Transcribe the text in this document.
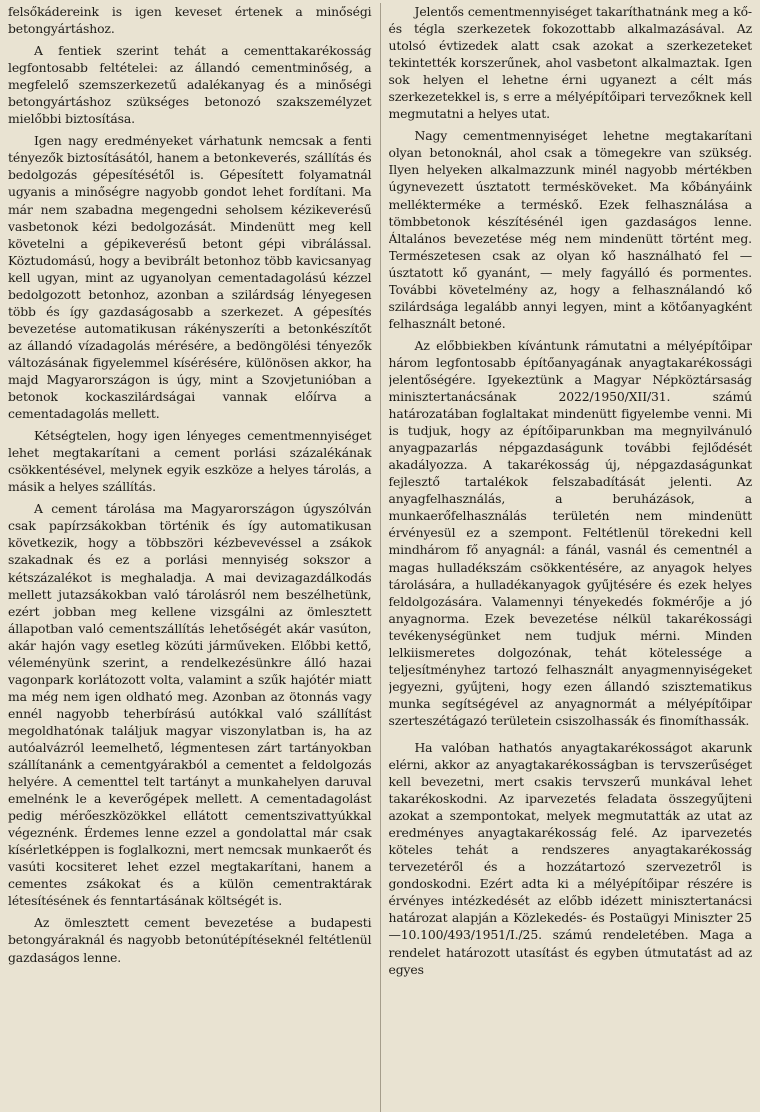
felsőkádereink is igen keveset értenek a minőségi betongyártáshoz.

A fentiek szerint tehát a cementtakarékosság legfontosabb feltételei: az állandó cementminőség, a megfelelő szemszerkezetű adalékanyag és a minőségi betongyártáshoz szükséges betonozó szakszemélyzet mielőbbi biztosítása.

Igen nagy eredményeket várhatunk nemcsak a fenti tényezők biztosításától, hanem a betonkeverés, szállítás és bedolgozás gépesítésétől is. Gépesített folyamatnál ugyanis a minőségre nagyobb gondot lehet fordítani. Ma már nem szabadna megengedni seholsem kézikeverésű vasbetonok kézi bedolgozását. Mindenütt meg kell követelni a gépikeverésű betont gépi vibrálással. Köztudomású, hogy a bevibrált betonhoz több kavicsanyag kell ugyan, mint az ugyanolyan cementadagolású kézzel bedolgozott betonhoz, azonban a szilárdság lényegesen több és így gazdaságosabb a szerkezet. A gépesítés bevezetése automatikusan rákényszeríti a betonkészítőt az állandó vízadagolás mérésére, a bedöngölési tényezők változásának figyelemmel kísérésére, különösen akkor, ha majd Magyarországon is úgy, mint a Szovjetunióban a betonok kockaszilárdságai vannak előírva a cementadagolás mellett.

Kétségtelen, hogy igen lényeges cementmennyiséget lehet megtakarítani a cement porlási százalékának csökkentésével, melynek egyik eszköze a helyes tárolás, a másik a helyes szállítás.

A cement tárolása ma Magyarországon úgyszólván csak papírzsákokban történik és így automatikusan következik, hogy a többszöri kézbevevéssel a zsákok szakadnak és ez a porlási mennyiség sokszor a kétszázalékot is meghaladja. A mai devizagazdálkodás mellett jutazsákokban való tárolásról nem beszélhetünk, ezért jobban meg kellene vizsgálni az ömlesztett állapotban való cementszállítás lehetőségét akár vasúton, akár hajón vagy esetleg közúti járműveken. Előbbi kettő, véleményünk szerint, a rendelkezésünkre álló hazai vagonpark korlátozott volta, valamint a szűk hajótér miatt ma még nem igen oldható meg. Azonban az ötonnás vagy ennél nagyobb teherbírású autókkal való szállítást megoldhatónak találjuk magyar viszonylatban is, ha az autóalvázról leemelhető, légmentesen zárt tartányokban szállítanánk a cementgyárakból a cementet a feldolgozás helyére. A cementtel telt tartányt a munkahelyen daruval emelnénk le a keverőgépek mellett. A cementadagolást pedig mérőeszközökkel ellátott cementszivattyúkkal végeznénk. Érdemes lenne ezzel a gondolattal már csak kísérletképpen is foglalkozni, mert nemcsak munkaerőt és vasúti kocsiteret lehet ezzel megtakarítani, hanem a cementes zsákokat és a külön cementraktárak létesítésének és fenntartásának költségét is.

Az ömlesztett cement bevezetése a budapesti betongyáraknál és nagyobb betonútépítéseknél feltétlenül gazdaságos lenne.

Jelentős cementmennyiséget takaríthatnánk meg a kő- és tégla szerkezetek fokozottabb alkalmazásával. Az utolsó évtizedek alatt csak azokat a szerkezeteket tekintették korszerűnek, ahol vasbetont alkalmaztak. Igen sok helyen el lehetne érni ugyanezt a célt más szerkezetekkel is, s erre a mélyépítőipari tervezőknek kell megmutatni a helyes utat.

Nagy cementmennyiséget lehetne megtakarítani olyan betonoknál, ahol csak a tömegekre van szükség. Ilyen helyeken alkalmazzunk minél nagyobb mértékben úgynevezett úsztatott termésköveket. Ma kőbányáink melléktermékе a terméskő. Ezek felhasználása a tömbbetonok készítésénél igen gazdaságos lenne. Általános bevezetése még nem mindenütt történt meg. Természetesen csak az olyan kő használható fel — úsztatott kő gyanánt, — mely fagyálló és pormentes. További követelmény az, hogy a felhasználandó kő szilárdsága legalább annyi legyen, mint a kötőanyagként felhasznált betoné.

Az előbbiekben kívántunk rámutatni a mélyépítőipar három legfontosabb építőanyagának anyagtakarékossági jelentőségére. Igyekeztünk a Magyar Népköztársaság minisztertanácsának 2022/1950/XII/31. számú határozatában foglaltakat mindenütt figyelembe venni. Mi is tudjuk, hogy az építőiparunkban ma megnyilvánuló anyagpazarlás népgazdaságunk további fejlődését akadályozza. A takarékosság új, népgazdaságunkat fejlesztő tartalékok felszabadítását jelenti. Az anyagfelhasználás, a beruházások, a munkaerőfelhasználás területén nem mindenütt érvényesül ez a szempont. Feltétlenül törekedni kell mindhárom fő anyagnál: a fánál, vasnál és cementnél a magas hulladékszám csökkentésére, az anyagok helyes tárolására, a hulladékanyagok gyűjtésére és ezek helyes feldolgozására. Valamennyi tényekedés fokmérője a jó anyagnorma. Ezek bevezetése nélkül takarékossági tevékenységünket nem tudjuk mérni. Minden lelkiismeretes dolgozónak, tehát kötelessége a teljesítményhez tartozó felhasznált anyagmennyiségeket jegyezni, gyűjteni, hogy ezen állandó szisztematikus munka segítségével az anyagnormát a mélyépítőipar szerteszétágazó területein csiszolhassák és finomíthassák.

Ha valóban hathatós anyagtakarékosságot akarunk elérni, akkor az anyagtakarékosságban is tervszerűséget kell bevezetni, mert csakis tervszerű munkával lehet takarékoskodni. Az iparvezetés feladata összegyűjteni azokat a szempontokat, melyek megmutatták az utat az eredményes anyagtakarékosság felé. Az iparvezetés köteles tehát a rendszeres anyagtakarékosság tervezetéről és a hozzátartozó szervezetről is gondoskodni. Ezért adta ki a mélyépítőipar részére is érvényes intézkedését az előbb idézett minisztertanácsi határozat alapján a Közlekedés- és Postaügyi Miniszter 25—10.100/493/1951/I./25. számú rendeletében. Maga a rendelet határozott utasítást és egyben útmutatást ad az egyes
